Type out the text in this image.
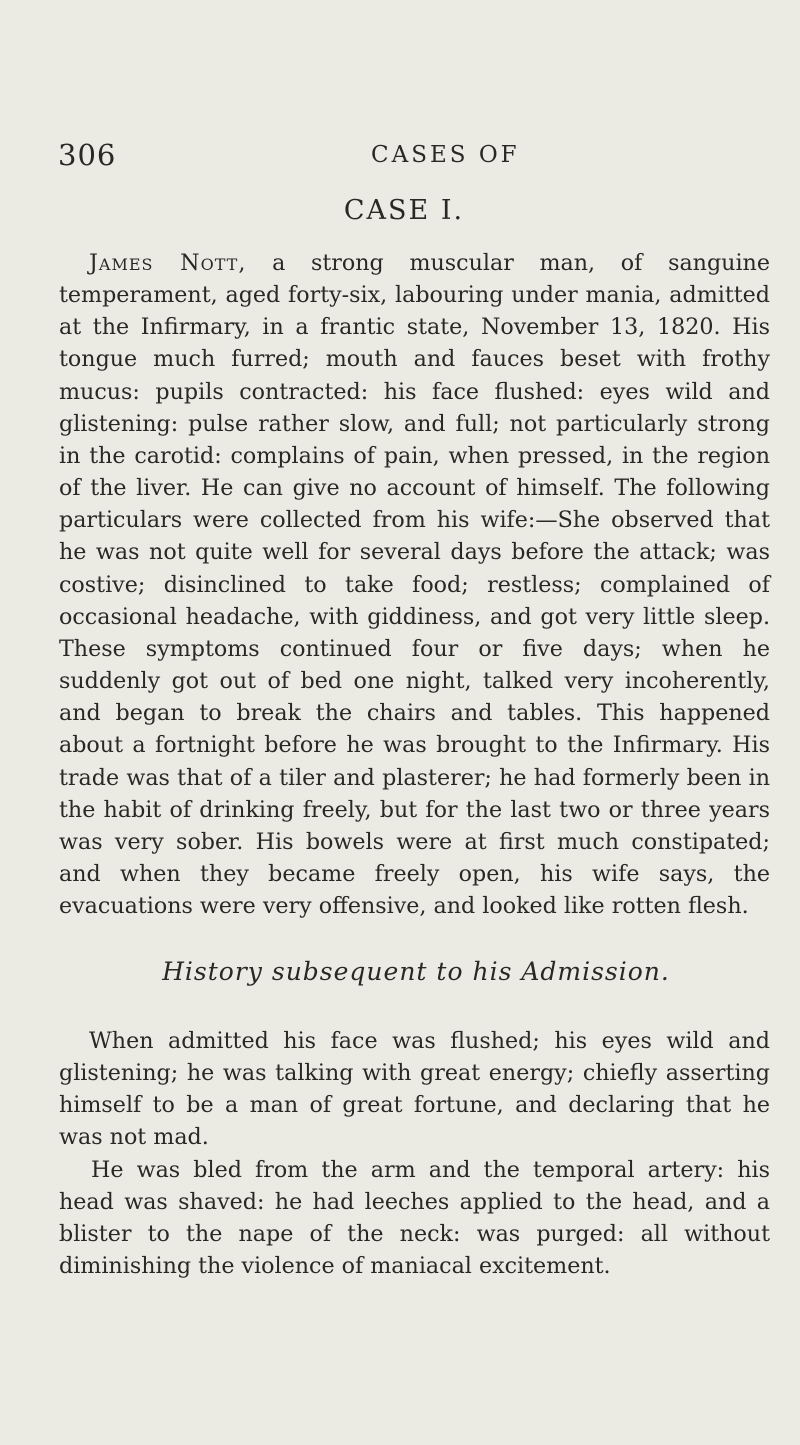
306	CASES OF
CASE I.

James Nott, a strong muscular man, of sanguine temperament, aged forty-six, labouring under mania, admitted at the Infirmary, in a frantic state, November 13, 1820. His tongue much furred; mouth and fauces beset with frothy mucus: pupils contracted: his face flushed: eyes wild and glistening: pulse rather slow, and full; not particularly strong in the carotid: complains of pain, when pressed, in the region of the liver. He can give no account of himself. The following particulars were collected from his wife:—She observed that he was not quite well for several days before the attack; was costive; disinclined to take food; restless; complained of occasional headache, with giddiness, and got very little sleep. These symptoms continued four or five days; when he suddenly got out of bed one night, talked very incoherently, and began to break the chairs and tables. This happened about a fortnight before he was brought to the Infirmary. His trade was that of a tiler and plasterer; he had formerly been in the habit of drinking freely, but for the last two or three years was very sober. His bowels were at first much constipated; and when they became freely open, his wife says, the evacuations were very offensive, and looked like rotten flesh.

History subsequent to his Admission.

When admitted his face was flushed; his eyes wild and glistening; he was talking with great energy; chiefly asserting himself to be a man of great fortune, and declaring that he was not mad.

He was bled from the arm and the temporal artery: his head was shaved: he had leeches applied to the head, and a blister to the nape of the neck: was purged: all without diminishing the violence of maniacal excitement.
